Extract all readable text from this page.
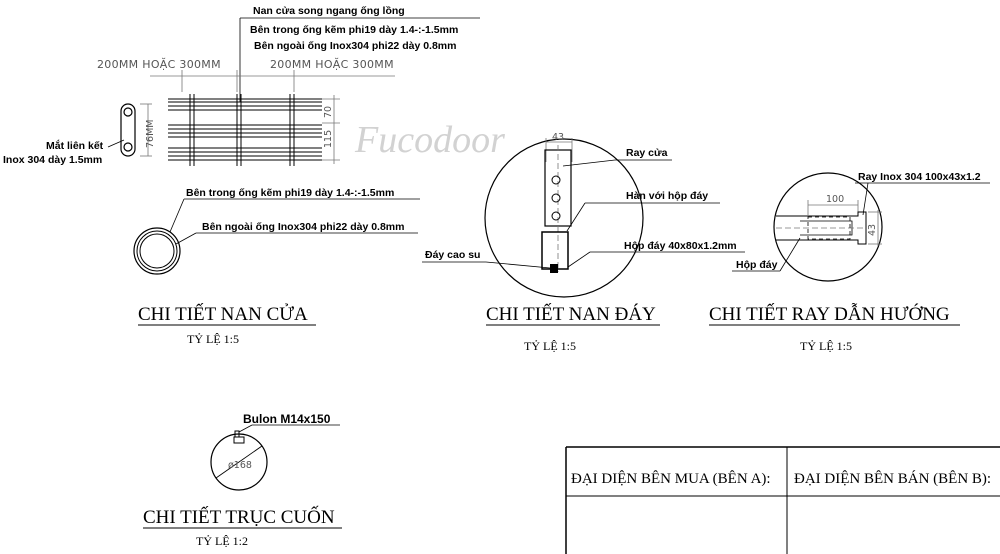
Fucodoor
Nan cửa song ngang ống lồng
Bên trong ống kẽm phi19 dày 1.4-:-1.5mm
Bên ngoài ống Inox304 phi22 dày 0.8mm
200MM HOẶC 300MM	200MM HOẶC 300MM
70
115
76MM
Mắt liên kết
Inox 304 dày 1.5mm
Bên trong ống kẽm phi19 dày 1.4-:-1.5mm
Bên ngoài ống Inox304 phi22 dày 0.8mm
CHI TIẾT NAN CỬA
TỶ LỆ 1:5
43
Ray cửa
Hàn với hộp đáy
Hộp đáy 40x80x1.2mm
Đáy cao su
CHI TIẾT NAN ĐÁY
TỶ LỆ 1:5
100
43
Ray Inox 304 100x43x1.2
Hộp đáy
CHI TIẾT RAY DẪN HƯỚNG
TỶ LỆ 1:5
ø168
Bulon M14x150
CHI TIẾT TRỤC CUỐN
TỶ LỆ 1:2
ĐẠI DIỆN BÊN MUA (BÊN A): ĐẠI DIỆN BÊN BÁN (BÊN B):
